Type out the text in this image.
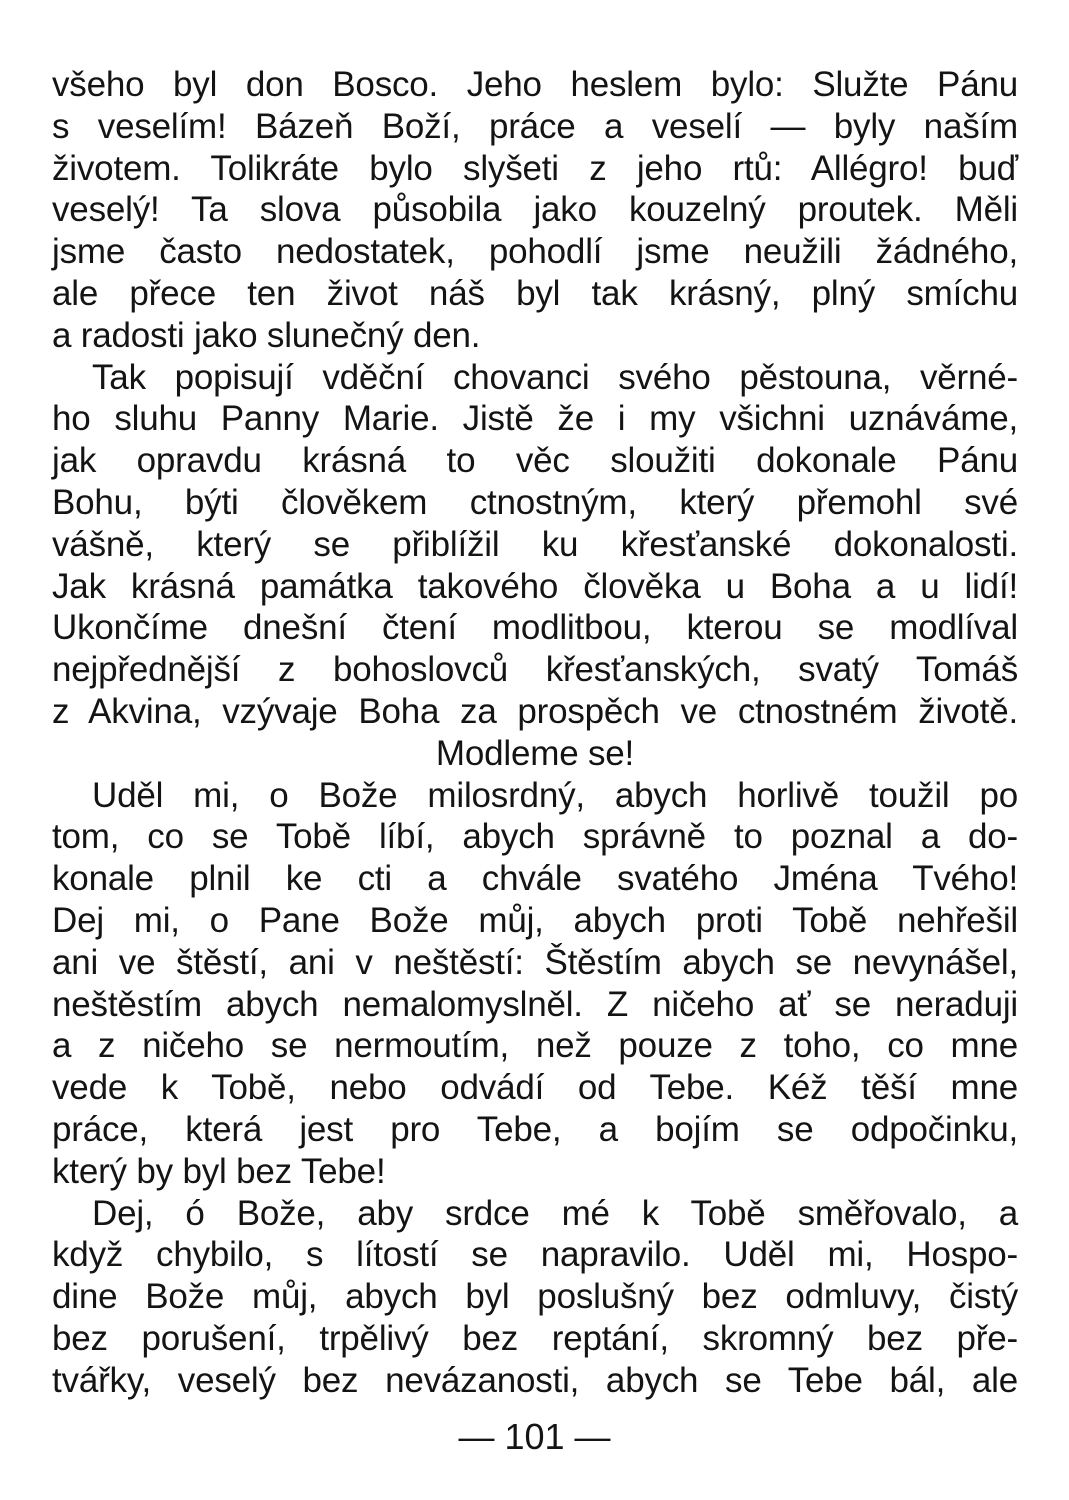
všeho byl don Bosco. Jeho heslem bylo: Služte Pánu
s veselím! Bázeň Boží, práce a veselí — byly naším
životem. Tolikráte bylo slyšeti z jeho rtů: Allégro! buď
veselý! Ta slova působila jako kouzelný proutek. Měli
jsme často nedostatek, pohodlí jsme neužili žádného,
ale přece ten život náš byl tak krásný, plný smíchu
a radosti jako slunečný den.
Tak popisují vděční chovanci svého pěstouna, věrné-
ho sluhu Panny Marie. Jistě že i my všichni uznáváme,
jak opravdu krásná to věc sloužiti dokonale Pánu
Bohu, býti člověkem ctnostným, který přemohl své
vášně, který se přiblížil ku křesťanské dokonalosti.
Jak krásná památka takového člověka u Boha a u lidí!
Ukončíme dnešní čtení modlitbou, kterou se modlíval
nejpřednější z bohoslovců křesťanských, svatý Tomáš
z Akvina, vzývaje Boha za prospěch ve ctnostném životě.
Modleme se!
Uděl mi, o Bože milosrdný, abych horlivě toužil po
tom, co se Tobě líbí, abych správně to poznal a do-
konale plnil ke cti a chvále svatého Jména Tvého!
Dej mi, o Pane Bože můj, abych proti Tobě nehřešil
ani ve štěstí, ani v neštěstí: Štěstím abych se nevynášel,
neštěstím abych nemalomyslněl. Z ničeho ať se neraduji
a z ničeho se nermoutím, než pouze z toho, co mne
vede k Tobě, nebo odvádí od Tebe. Kéž těší mne
práce, která jest pro Tebe, a bojím se odpočinku,
který by byl bez Tebe!
Dej, ó Bože, aby srdce mé k Tobě směřovalo, a
když chybilo, s lítostí se napravilo. Uděl mi, Hospo-
dine Bože můj, abych byl poslušný bez odmluvy, čistý
bez porušení, trpělivý bez reptání, skromný bez pře-
tvářky, veselý bez nevázanosti, abych se Tebe bál, ale
— 101 —
